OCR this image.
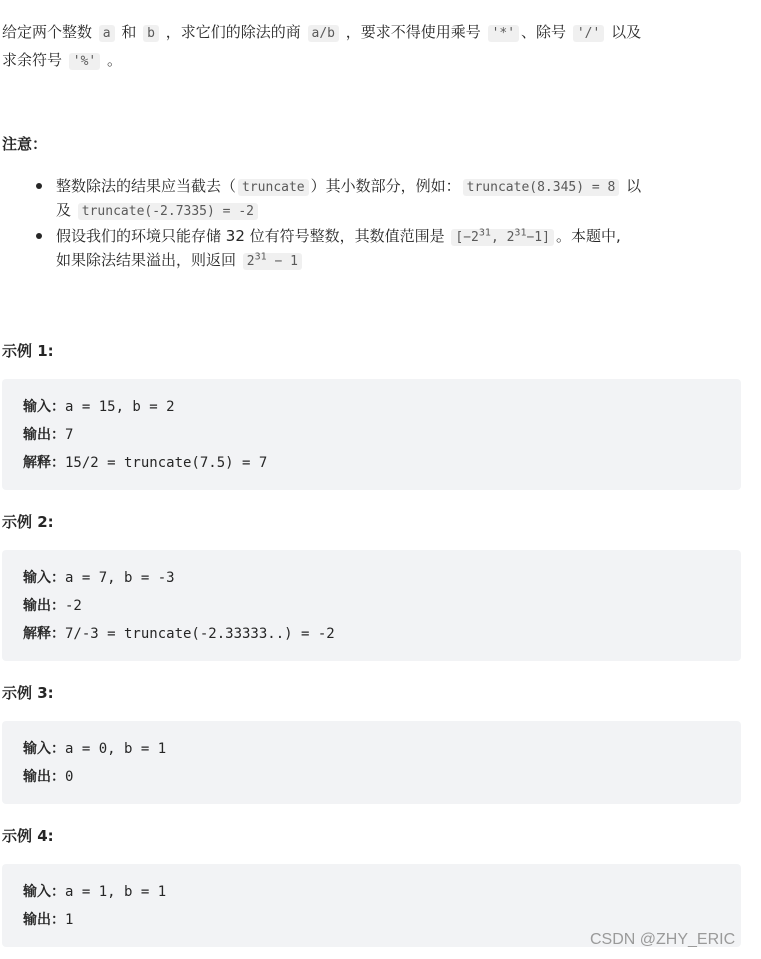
给定两个整数 a 和 b ，求它们的除法的商 a/b ，要求不得使用乘号 '*' 、除号 '/' 以及
求余符号 '%' 。
注意：
整数除法的结果应当截去（ truncate ）其小数部分，例如： truncate(8.345) = 8 以
及 truncate(-2.7335) = -2
假设我们的环境只能存储 32 位有符号整数，其数值范围是 [$-2^{31}$, $2^{31}-1$] 。本题中,
如果除法结果溢出，则返回 $2^{31} - 1$
示例 1:
输入：a = 15, b = 2
输出：7
解释：15/2 = truncate(7.5) = 7
示例 2:
输入：a = 7, b = -3
输出：-2
解释：7/-3 = truncate(-2.33333..) = -2
示例 3:
输入：a = 0, b = 1
输出：0
示例 4:
输入：a = 1, b = 1
输出：1
CSDN @ZHY_ERIC
